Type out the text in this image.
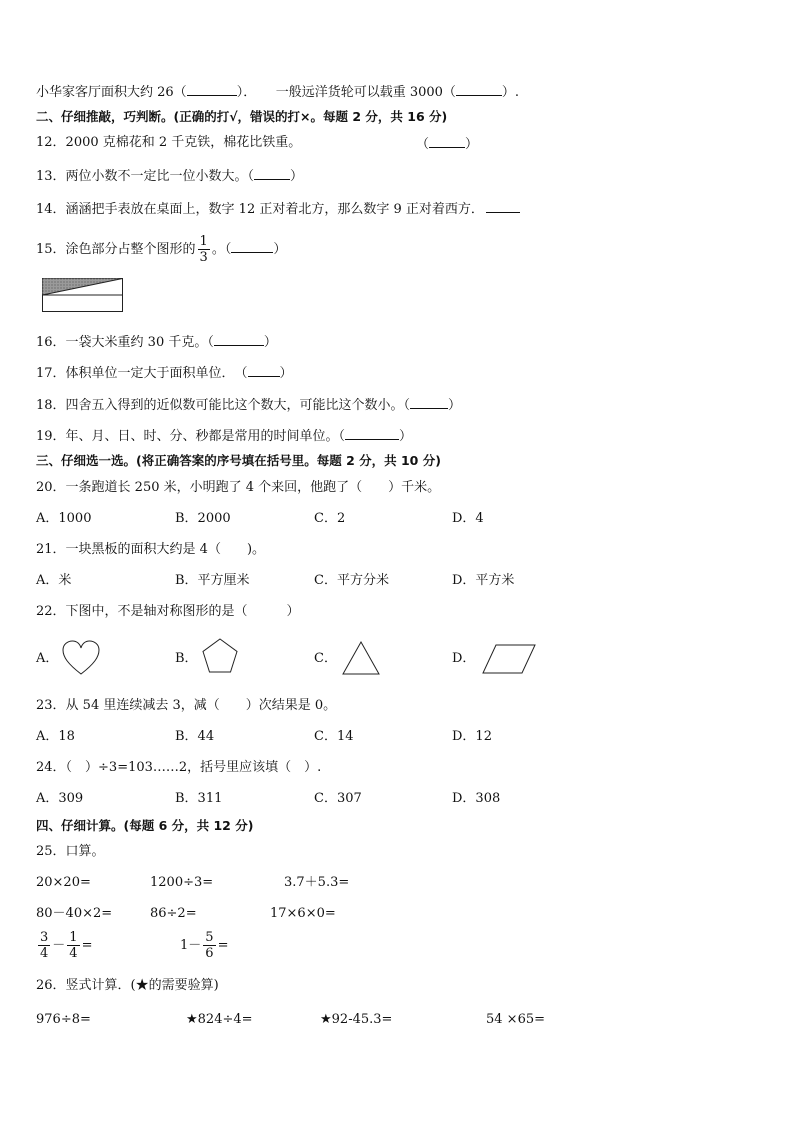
小华家客厅面积大约 26（	）．　　一般远洋货轮可以载重 3000（	）.
二、仔细推敲，巧判断。(正确的打√，错误的打×。每题 2 分，共 16 分)
12．2000 克棉花和 2 千克铁，棉花比铁重。	（	）
13．两位小数不一定比一位小数大。（	）
14．涵涵把手表放在桌面上，数字 12 正对着北方，那么数字 9 正对着西方．
15．涂色部分占整个图形的 $\frac{1}{3}$ 。（	）
16．一袋大米重约 30 千克。（	）
17．体积单位一定大于面积单位．　（ ）
18．四舍五入得到的近似数可能比这个数大，可能比这个数小。（	）
19．年、月、日、时、分、秒都是常用的时间单位。（	）
三、仔细选一选。(将正确答案的序号填在括号里。每题 2 分，共 10 分)
20．一条跑道长 250 米，小明跑了 4 个来回，他跑了（　　）千米。
A．1000	B．2000	C．2	D．4
21．一块黑板的面积大约是 4（　　)。
A．米	B．平方厘米	C．平方分米	D．平方米
22．下图中，不是轴对称图形的是（　　　）
A．	B．	C．	D．
23．从 54 里连续减去 3，减（　　）次结果是 0。
A．18	B．44	C．14	D．12
24．（　）÷3=103……2，括号里应该填（　）.
A．309	B．311	C．307	D．308
四、仔细计算。(每题 6 分，共 12 分)
25．口算。
20×20=	1200÷3=	3.7＋5.3=
80－40×2=	86÷2=	17×6×0=
$\frac{3}{4} - \frac{1}{4}$ =	$1- \frac{5}{6}$ =
26．竖式计算．(★的需要验算)
976÷8=	★824÷4=	★92-45.3=	54 ×65=
